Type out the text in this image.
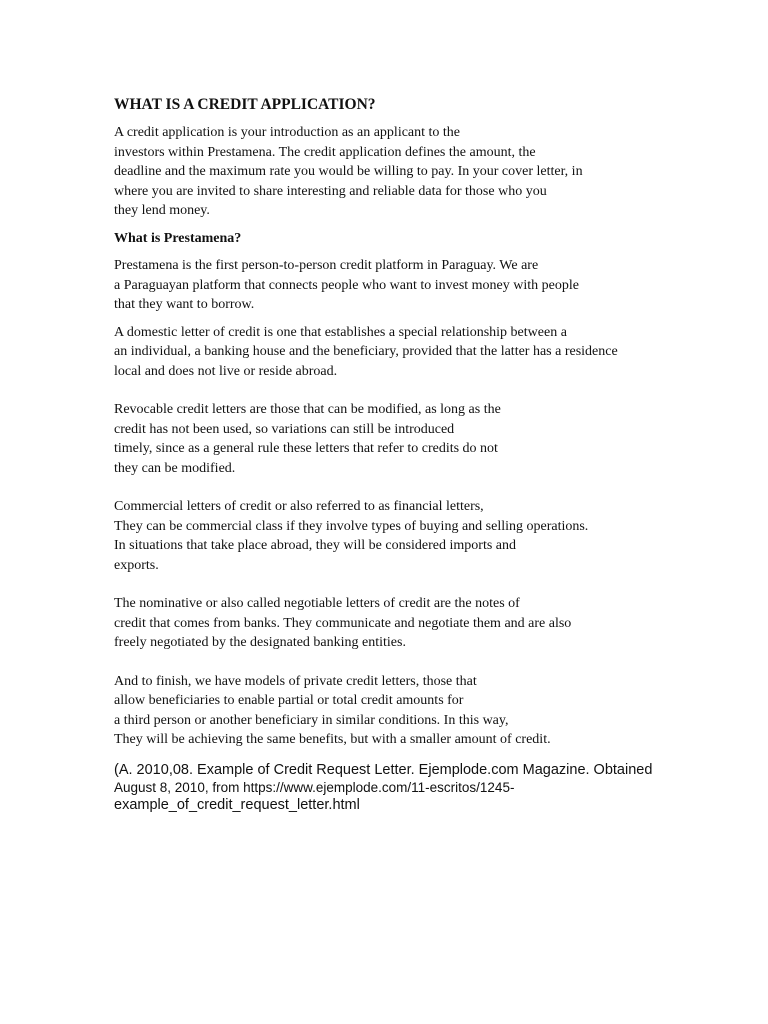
WHAT IS A CREDIT APPLICATION?

A credit application is your introduction as an applicant to the
investors within Prestamena. The credit application defines the amount, the
deadline and the maximum rate you would be willing to pay. In your cover letter, in
where you are invited to share interesting and reliable data for those who you
they lend money.

What is Prestamena?

Prestamena is the first person-to-person credit platform in Paraguay. We are
a Paraguayan platform that connects people who want to invest money with people
that they want to borrow.

A domestic letter of credit is one that establishes a special relationship between a
an individual, a banking house and the beneficiary, provided that the latter has a residence
local and does not live or reside abroad.

Revocable credit letters are those that can be modified, as long as the
credit has not been used, so variations can still be introduced
timely, since as a general rule these letters that refer to credits do not
they can be modified.

Commercial letters of credit or also referred to as financial letters,
They can be commercial class if they involve types of buying and selling operations.
In situations that take place abroad, they will be considered imports and
exports.

The nominative or also called negotiable letters of credit are the notes of
credit that comes from banks. They communicate and negotiate them and are also
freely negotiated by the designated banking entities.

And to finish, we have models of private credit letters, those that
allow beneficiaries to enable partial or total credit amounts for
a third person or another beneficiary in similar conditions. In this way,
They will be achieving the same benefits, but with a smaller amount of credit.

(A. 2010,08. Example of Credit Request Letter. Ejemplode.com Magazine. Obtained
August 8, 2010, from https://www.ejemplode.com/11-escritos/1245-
example_of_credit_request_letter.html
